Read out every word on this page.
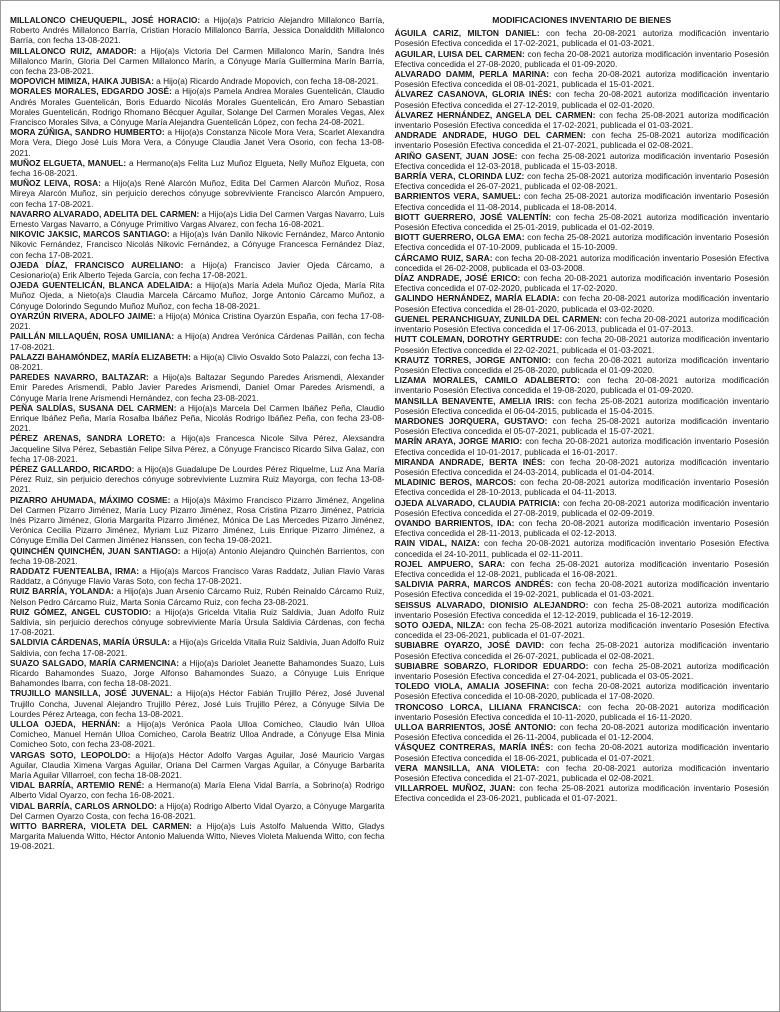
MILLALONCO CHEUQUEPIL, JOSÉ HORACIO: a Hijo(a)s Patricio Alejandro Millalonco Barría, Roberto Andrés Millalonco Barría, Cristian Horacio Millalonco Barría, Jessica Donalddith Millalonco Barría, con fecha 13-08-2021.
MILLALONCO RUIZ, AMADOR: a Hijo(a)s Victoria Del Carmen Millalonco Marín, Sandra Inés Millalonco Marín, Gloria Del Carmen Millalonco Marín, a Cónyuge María Guillermina Marín Barría, con fecha 23-08-2021.
MOPOVICH MIMIZA, HAIKA JUBISA: a Hijo(a) Ricardo Andrade Mopovich, con fecha 18-08-2021.
MORALES MORALES, EDGARDO JOSÉ: a Hijo(a)s Pamela Andrea Morales Guentelicán, Claudio Andrés Morales Guentelicán, Boris Eduardo Nicolás Morales Guentelicán, Ero Amaro Sebastian Morales Guentelicán, Rodrigo Rhomano Bécquer Aguilar, Solange Del Carmen Morales Vegas, Alex Francisco Morales Silva, a Cónyuge María Alejandra Guentelicán López, con fecha 24-08-2021.
MORA ZÚÑIGA, SANDRO HUMBERTO: a Hijo(a)s Constanza Nicole Mora Vera, Scarlet Alexandra Mora Vera, Diego José Luis Mora Vera, a Cónyuge Claudia Janet Vera Osorio, con fecha 13-08-2021.
MUÑOZ ELGUETA, MANUEL: a Hermano(a)s Felita Luz Muñoz Elgueta, Nelly Muñoz Elgueta, con fecha 16-08-2021.
MUÑOZ LEIVA, ROSA: a Hijo(a)s René Alarcón Muñoz, Edita Del Carmen Alarcón Muñoz, Rosa Mireya Alarcón Muñoz, sin perjuicio derechos cónyuge sobreviviente Francisco Alarcón Ampuero, con fecha 17-08-2021.
NAVARRO ALVARADO, ADELITA DEL CARMEN: a Hijo(a)s Lidia Del Carmen Vargas Navarro, Luis Ernesto Vargas Navarro, a Cónyuge Primitivo Vargas Alvarez, con fecha 16-08-2021.
NIKOVIC JAKSIC, MARCOS SANTIAGO: a Hijo(a)s Iván Danilo Nikovic Fernández, Marco Antonio Nikovic Fernández, Francisco Nicolás Nikovic Fernández, a Cónyuge Francesca Fernández Díaz, con fecha 17-08-2021.
OJEDA DÍAZ, FRANCISCO AURELIANO: a Hijo(a) Francisco Javier Ojeda Cárcamo, a Cesionario(a) Erik Alberto Tejeda García, con fecha 17-08-2021.
OJEDA GUENTELICÁN, BLANCA ADELAIDA: a Hijo(a)s María Adela Muñoz Ojeda, María Rita Muñoz Ojeda, a Nieto(a)s Claudia Marcela Cárcamo Muñoz, Jorge Antonio Cárcamo Muñoz, a Cónyuge Dolorindo Segundo Muñoz Muñoz, con fecha 18-08-2021.
OYARZÚN RIVERA, ADOLFO JAIME: a Hijo(a) Mónica Cristina Oyarzún España, con fecha 17-08-2021.
PAILLÁN MILLAQUÉN, ROSA UMILIANA: a Hijo(a) Andrea Verónica Cárdenas Paillán, con fecha 17-08-2021.
PALAZZI BAHAMÓNDEZ, MARÍA ELIZABETH: a Hijo(a) Clivio Osvaldo Soto Palazzi, con fecha 13-08-2021.
PAREDES NAVARRO, BALTAZAR: a Hijo(a)s Baltazar Segundo Paredes Arismendi, Alexander Emir Paredes Arismendi, Pablo Javier Paredes Arismendi, Daniel Omar Paredes Arismendi, a Cónyuge María Irene Arismendi Hernández, con fecha 23-08-2021.
PEÑA SALDÍAS, SUSANA DEL CARMEN: a Hijo(a)s Marcela Del Carmen Ibáñez Peña, Claudio Enrique Ibáñez Peña, María Rosalba Ibáñez Peña, Nicolás Rodrigo Ibáñez Peña, con fecha 23-08-2021.
PÉREZ ARENAS, SANDRA LORETO: a Hijo(a)s Francesca Nicole Silva Pérez, Alexsandra Jacqueline Silva Pérez, Sebastián Felipe Silva Pérez, a Cónyuge Francisco Ricardo Silva Galaz, con fecha 17-08-2021.
PÉREZ GALLARDO, RICARDO: a Hijo(a)s Guadalupe De Lourdes Pérez Riquelme, Luz Ana María Pérez Ruiz, sin perjuicio derechos cónyuge sobreviviente Luzmira Ruiz Mayorga, con fecha 13-08-2021.
PIZARRO AHUMADA, MÁXIMO COSME: a Hijo(a)s Máximo Francisco Pizarro Jiménez, Angelina Del Carmen Pizarro Jiménez, María Lucy Pizarro Jiménez, Rosa Cristina Pizarro Jiménez, Patricia Inés Pizarro Jiménez, Gloria Margarita Pizarro Jiménez, Mónica De Las Mercedes Pizarro Jiménez, Verónica Cecilia Pizarro Jiménez, Myriam Luz Pizarro Jiménez, Luis Enrique Pizarro Jiménez, a Cónyuge Emilia Del Carmen Jiménez Hanssen, con fecha 19-08-2021.
QUINCHÉN QUINCHÉN, JUAN SANTIAGO: a Hijo(a) Antonio Alejandro Quinchén Barrientos, con fecha 19-08-2021.
RADDATZ FUENTEALBA, IRMA: a Hijo(a)s Marcos Francisco Varas Raddatz, Julian Flavio Varas Raddatz, a Cónyuge Flavio Varas Soto, con fecha 17-08-2021.
RUIZ BARRÍA, YOLANDA: a Hijo(a)s Juan Arsenio Cárcamo Ruiz, Rubén Reinaldo Cárcamo Ruiz, Nelson Pedro Cárcamo Ruiz, Marta Sonia Cárcamo Ruiz, con fecha 23-08-2021.
RUIZ GÓMEZ, ANGEL CUSTODIO: a Hijo(a)s Gricelda Vitalia Ruiz Saldivia, Juan Adolfo Ruiz Saldivia, sin perjuicio derechos cónyuge sobreviviente María Úrsula Saldivia Cárdenas, con fecha 17-08-2021.
SALDIVIA CÁRDENAS, MARÍA ÚRSULA: a Hijo(a)s Gricelda Vitalia Ruiz Saldivia, Juan Adolfo Ruiz Saldivia, con fecha 17-08-2021.
SUAZO SALGADO, MARÍA CARMENCINA: a Hijo(a)s Dariolet Jeanette Bahamondes Suazo, Luis Ricardo Bahamondes Suazo, Jorge Alfonso Bahamondes Suazo, a Cónyuge Luis Enrique Bahamondes Ibarra, con fecha 18-08-2021.
TRUJILLO MANSILLA, JOSÉ JUVENAL: a Hijo(a)s Héctor Fabián Trujillo Pérez, José Juvenal Trujillo Concha, Juvenal Alejandro Trujillo Pérez, José Luis Trujillo Pérez, a Cónyuge Silvia De Lourdes Pérez Arteaga, con fecha 13-08-2021.
ULLOA OJEDA, HERNÁN: a Hijo(a)s Verónica Paola Ulloa Comicheo, Claudio Iván Ulloa Comicheo, Manuel Hernán Ulloa Comicheo, Carola Beatriz Ulloa Andrade, a Cónyuge Elsa Minia Comicheo Soto, con fecha 23-08-2021.
VARGAS SOTO, LEOPOLDO: a Hijo(a)s Héctor Adolfo Vargas Aguilar, José Mauricio Vargas Aguilar, Claudia Ximena Vargas Aguilar, Oriana Del Carmen Vargas Aguilar, a Cónyuge Barbarita María Aguilar Villarroel, con fecha 18-08-2021.
VIDAL BARRÍA, ARTEMIO RENÉ: a Hermano(a) María Elena Vidal Barría, a Sobrino(a) Rodrigo Alberto Vidal Oyarzo, con fecha 16-08-2021.
VIDAL BARRÍA, CARLOS ARNOLDO: a Hijo(a) Rodrigo Alberto Vidal Oyarzo, a Cónyuge Margarita Del Carmen Oyarzo Costa, con fecha 16-08-2021.
WITTO BARRERA, VIOLETA DEL CARMEN: a Hijo(a)s Luis Astolfo Maluenda Witto, Gladys Margarita Maluenda Witto, Héctor Antonio Maluenda Witto, Nieves Violeta Maluenda Witto, con fecha 19-08-2021.
MODIFICACIONES INVENTARIO DE BIENES
ÁGUILA CARIZ, MILTON DANIEL: con fecha 20-08-2021 autoriza modificación inventario Posesión Efectiva concedida el 17-02-2021, publicada el 01-03-2021.
AGUILAR, LUISA DEL CARMEN: con fecha 20-08-2021 autoriza modificación inventario Posesión Efectiva concedida el 27-08-2020, publicada el 01-09-2020.
ALVARADO DAMM, PERLA MARINA: con fecha 20-08-2021 autoriza modificación inventario Posesión Efectiva concedida el 08-01-2021, publicada el 15-01-2021.
ÁLVAREZ CASANOVA, GLORIA INÉS: con fecha 20-08-2021 autoriza modificación inventario Posesión Efectiva concedida el 27-12-2019, publicada el 02-01-2020.
ÁLVAREZ HERNÁNDEZ, ANGELA DEL CARMEN: con fecha 25-08-2021 autoriza modificación inventario Posesión Efectiva concedida el 17-02-2021, publicada el 01-03-2021.
ANDRADE ANDRADE, HUGO DEL CARMEN: con fecha 25-08-2021 autoriza modificación inventario Posesión Efectiva concedida el 21-07-2021, publicada el 02-08-2021.
ARIÑO GASENT, JUAN JOSE: con fecha 25-08-2021 autoriza modificación inventario Posesión Efectiva concedida el 12-03-2018, publicada el 15-03-2018.
BARRÍA VERA, CLORINDA LUZ: con fecha 25-08-2021 autoriza modificación inventario Posesión Efectiva concedida el 26-07-2021, publicada el 02-08-2021.
BARRIENTOS VERA, SAMUEL: con fecha 25-08-2021 autoriza modificación inventario Posesión Efectiva concedida el 11-08-2014, publicada el 18-08-2014.
BIOTT GUERRERO, JOSÉ VALENTÍN: con fecha 25-08-2021 autoriza modificación inventario Posesión Efectiva concedida el 25-01-2019, publicada el 01-02-2019.
BIOTT GUERRERO, OLGA EMA: con fecha 25-08-2021 autoriza modificación inventario Posesión Efectiva concedida el 07-10-2009, publicada el 15-10-2009.
CÁRCAMO RUIZ, SARA: con fecha 20-08-2021 autoriza modificación inventario Posesión Efectiva concedida el 26-02-2008, publicada el 03-03-2008.
DÍAZ ANDRADE, JOSÉ ERICO: con fecha 20-08-2021 autoriza modificación inventario Posesión Efectiva concedida el 07-02-2020, publicada el 17-02-2020.
GALINDO HERNÁNDEZ, MARÍA ELADIA: con fecha 20-08-2021 autoriza modificación inventario Posesión Efectiva concedida el 28-01-2020, publicada el 03-02-2020.
GUENEL PERANCHIGUAY, ZUNILDA DEL CARMEN: con fecha 20-08-2021 autoriza modificación inventario Posesión Efectiva concedida el 17-06-2013, publicada el 01-07-2013.
HUTT COLEMAN, DOROTHY GERTRUDE: con fecha 20-08-2021 autoriza modificación inventario Posesión Efectiva concedida el 22-02-2021, publicada el 01-03-2021.
KRAUTZ TORRES, JORGE ANTONIO: con fecha 20-08-2021 autoriza modificación inventario Posesión Efectiva concedida el 25-08-2020, publicada el 01-09-2020.
LIZAMA MORALES, CAMILO ADALBERTO: con fecha 20-08-2021 autoriza modificación inventario Posesión Efectiva concedida el 19-08-2020, publicada el 01-09-2020.
MANSILLA BENAVENTE, AMELIA IRIS: con fecha 25-08-2021 autoriza modificación inventario Posesión Efectiva concedida el 06-04-2015, publicada el 15-04-2015.
MARDONES JORQUERA, GUSTAVO: con fecha 25-08-2021 autoriza modificación inventario Posesión Efectiva concedida el 05-07-2021, publicada el 15-07-2021.
MARÍN ARAYA, JORGE MARIO: con fecha 20-08-2021 autoriza modificación inventario Posesión Efectiva concedida el 10-01-2017, publicada el 16-01-2017.
MIRANDA ANDRADE, BERTA INÉS: con fecha 20-08-2021 autoriza modificación inventario Posesión Efectiva concedida el 24-03-2014, publicada el 01-04-2014.
MLADINIC BEROS, MARCOS: con fecha 20-08-2021 autoriza modificación inventario Posesión Efectiva concedida el 28-10-2013, publicada el 04-11-2013.
OJEDA ALVARADO, CLAUDIA PATRICIA: con fecha 20-08-2021 autoriza modificación inventario Posesión Efectiva concedida el 27-08-2019, publicada el 02-09-2019.
OVANDO BARRIENTOS, IDA: con fecha 20-08-2021 autoriza modificación inventario Posesión Efectiva concedida el 28-11-2013, publicada el 02-12-2013.
RAIN VIDAL, NAIZA: con fecha 20-08-2021 autoriza modificación inventario Posesión Efectiva concedida el 24-10-2011, publicada el 02-11-2011.
ROJEL AMPUERO, SARA: con fecha 25-08-2021 autoriza modificación inventario Posesión Efectiva concedida el 12-08-2021, publicada el 16-08-2021.
SALDIVIA PARRA, MARCOS ANDRÉS: con fecha 20-08-2021 autoriza modificación inventario Posesión Efectiva concedida el 19-02-2021, publicada el 01-03-2021.
SEISSUS ALVARADO, DIONISIO ALEJANDRO: con fecha 25-08-2021 autoriza modificación inventario Posesión Efectiva concedida el 12-12-2019, publicada el 16-12-2019.
SOTO OJEDA, NILZA: con fecha 25-08-2021 autoriza modificación inventario Posesión Efectiva concedida el 23-06-2021, publicada el 01-07-2021.
SUBIABRE OYARZO, JOSÉ DAVID: con fecha 25-08-2021 autoriza modificación inventario Posesión Efectiva concedida el 26-07-2021, publicada el 02-08-2021.
SUBIABRE SOBARZO, FLORIDOR EDUARDO: con fecha 25-08-2021 autoriza modificación inventario Posesión Efectiva concedida el 27-04-2021, publicada el 03-05-2021.
TOLEDO VIOLA, AMALIA JOSEFINA: con fecha 20-08-2021 autoriza modificación inventario Posesión Efectiva concedida el 10-08-2020, publicada el 17-08-2020.
TRONCOSO LORCA, LILIANA FRANCISCA: con fecha 20-08-2021 autoriza modificación inventario Posesión Efectiva concedida el 10-11-2020, publicada el 16-11-2020.
ULLOA BARRIENTOS, JOSÉ ANTONIO: con fecha 20-08-2021 autoriza modificación inventario Posesión Efectiva concedida el 26-11-2004, publicada el 01-12-2004.
VÁSQUEZ CONTRERAS, MARÍA INÉS: con fecha 20-08-2021 autoriza modificación inventario Posesión Efectiva concedida el 18-06-2021, publicada el 01-07-2021.
VERA MANSILLA, ANA VIOLETA: con fecha 20-08-2021 autoriza modificación inventario Posesión Efectiva concedida el 21-07-2021, publicada el 02-08-2021.
VILLARROEL MUÑOZ, JUAN: con fecha 25-08-2021 autoriza modificación inventario Posesión Efectiva concedida el 23-06-2021, publicada el 01-07-2021.
